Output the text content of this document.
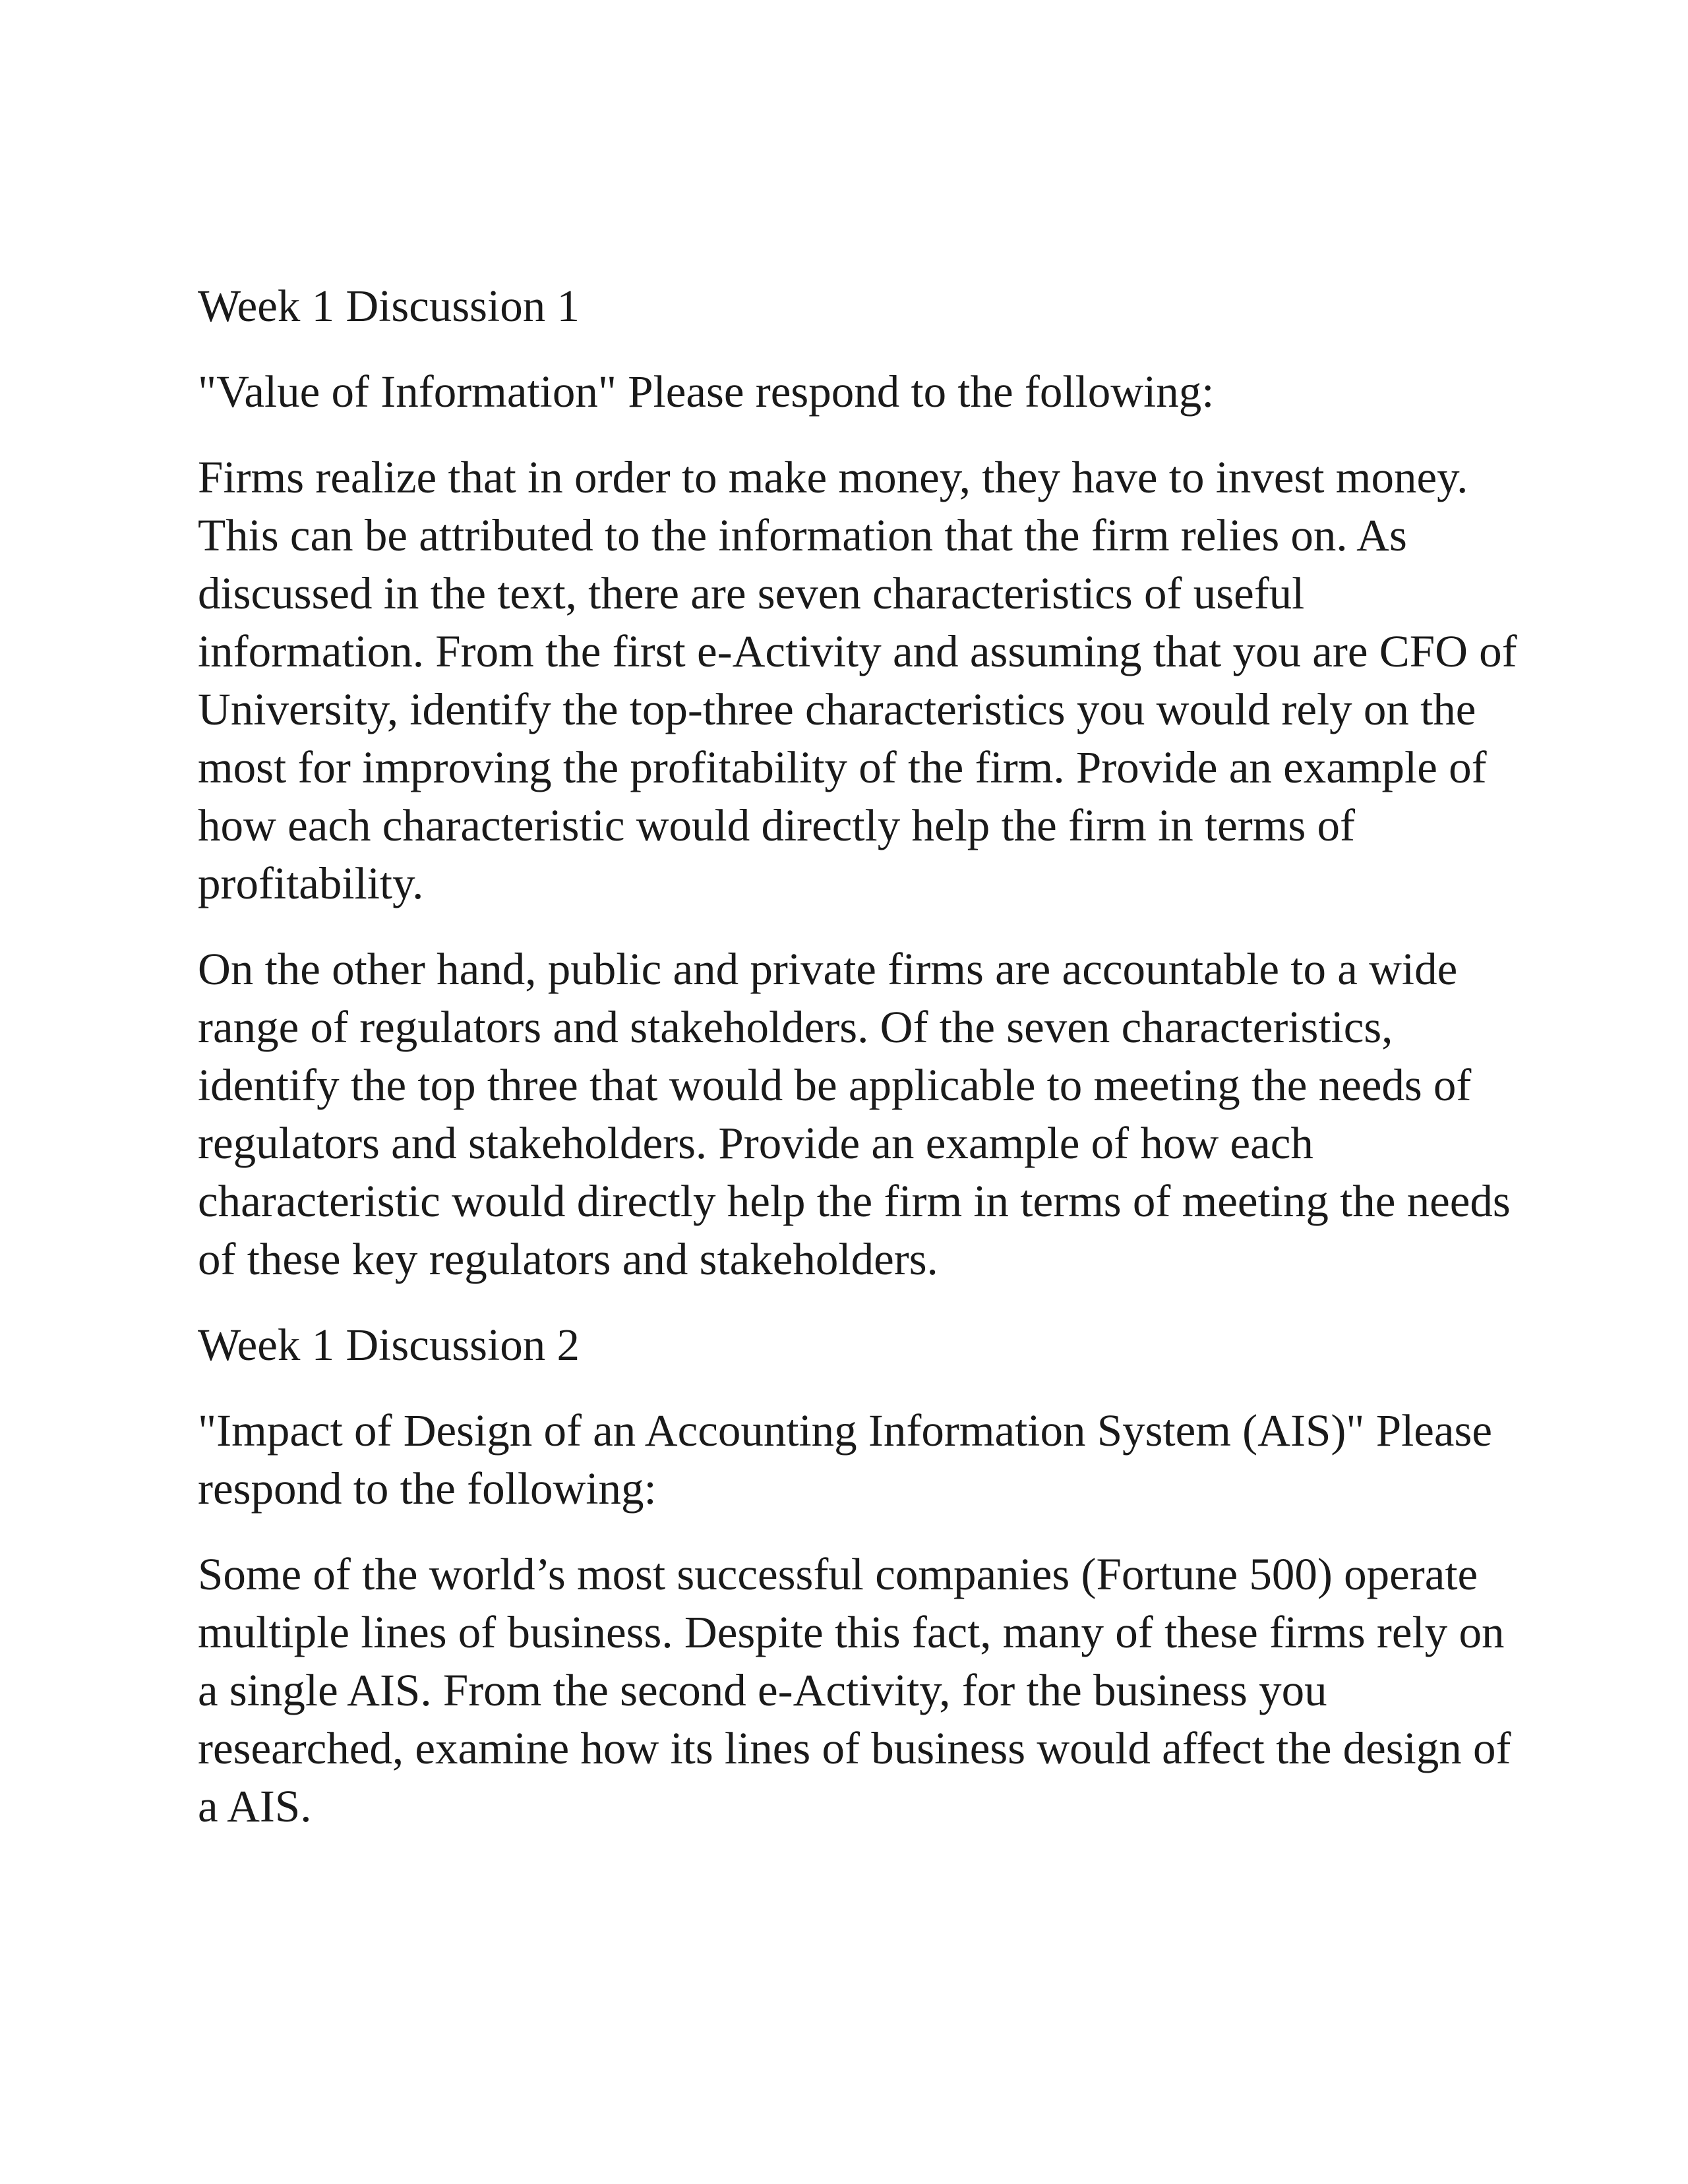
Week 1 Discussion 1

"Value of Information" Please respond to the following:

Firms realize that in order to make money, they have to invest money.
This can be attributed to the information that the firm relies on. As
discussed in the text, there are seven characteristics of useful
information. From the first e-Activity and assuming that you are CFO of
University, identify the top-three characteristics you would rely on the
most for improving the profitability of the firm. Provide an example of
how each characteristic would directly help the firm in terms of
profitability.

On the other hand, public and private firms are accountable to a wide
range of regulators and stakeholders. Of the seven characteristics,
identify the top three that would be applicable to meeting the needs of
regulators and stakeholders. Provide an example of how each
characteristic would directly help the firm in terms of meeting the needs
of these key regulators and stakeholders.

Week 1 Discussion 2

"Impact of Design of an Accounting Information System (AIS)" Please
respond to the following:

Some of the world’s most successful companies (Fortune 500) operate
multiple lines of business. Despite this fact, many of these firms rely on
a single AIS. From the second e-Activity, for the business you
researched, examine how its lines of business would affect the design of
a AIS.
